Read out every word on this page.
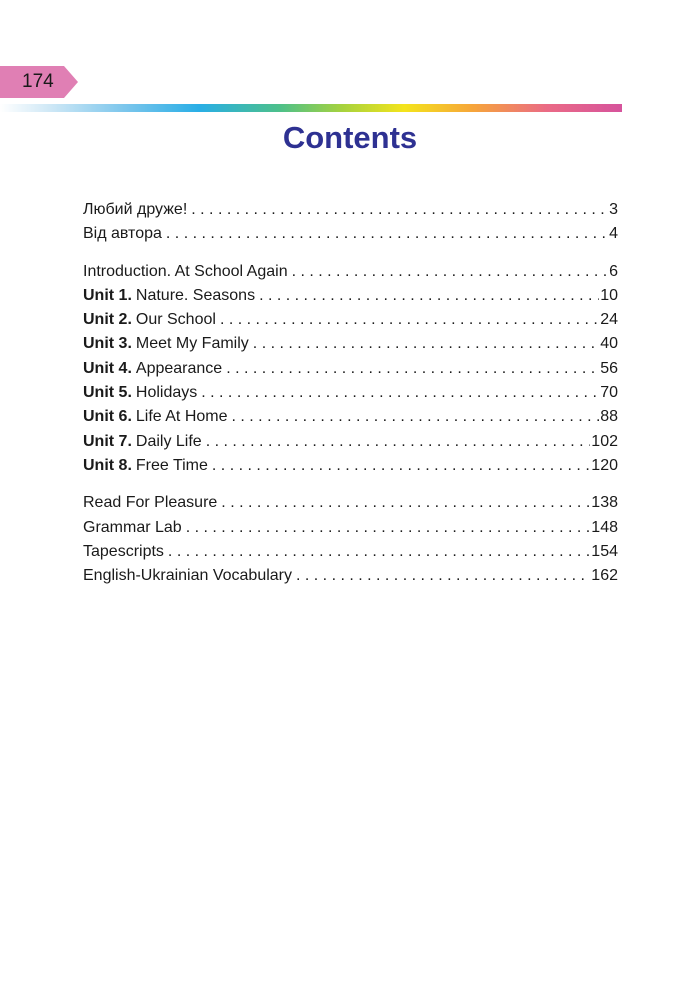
174
Contents
Любий друже! . . .	3
Від автора . . .	4
Introduction. At School Again . . .	6
Unit 1. Nature. Seasons . . .	10
Unit 2. Our School . . .	24
Unit 3. Meet My Family . . .	40
Unit 4. Appearance . . .	56
Unit 5. Holidays . . .	70
Unit 6. Life At Home . . .	88
Unit 7. Daily Life . . .	102
Unit 8. Free Time . . .	120
Read For Pleasure . . .	138
Grammar Lab . . .	148
Tapescripts . . .	154
English-Ukrainian Vocabulary . . .	162
